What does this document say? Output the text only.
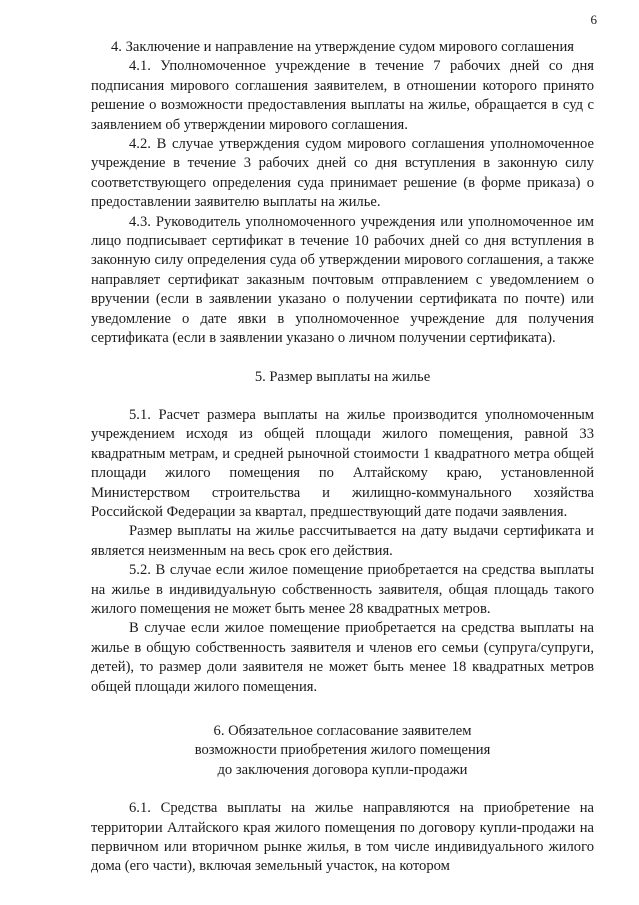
6

4. Заключение и направление на утверждение судом мирового соглашения

4.1. Уполномоченное учреждение в течение 7 рабочих дней со дня подписания мирового соглашения заявителем, в отношении которого принято решение о возможности предоставления выплаты на жилье, обращается в суд с заявлением об утверждении мирового соглашения.

4.2. В случае утверждения судом мирового соглашения уполномоченное учреждение в течение 3 рабочих дней со дня вступления в законную силу соответствующего определения суда принимает решение (в форме приказа) о предоставлении заявителю выплаты на жилье.

4.3. Руководитель уполномоченного учреждения или уполномоченное им лицо подписывает сертификат в течение 10 рабочих дней со дня вступления в законную силу определения суда об утверждении мирового соглашения, а также направляет сертификат заказным почтовым отправлением с уведомлением о вручении (если в заявлении указано о получении сертификата по почте) или уведомление о дате явки в уполномоченное учреждение для получения сертификата (если в заявлении указано о личном получении сертификата).

5. Размер выплаты на жилье

5.1. Расчет размера выплаты на жилье производится уполномоченным учреждением исходя из общей площади жилого помещения, равной 33 квадратным метрам, и средней рыночной стоимости 1 квадратного метра общей площади жилого помещения по Алтайскому краю, установленной Министерством строительства и жилищно-коммунального хозяйства Российской Федерации за квартал, предшествующий дате подачи заявления.

Размер выплаты на жилье рассчитывается на дату выдачи сертификата и является неизменным на весь срок его действия.

5.2. В случае если жилое помещение приобретается на средства выплаты на жилье в индивидуальную собственность заявителя, общая площадь такого жилого помещения не может быть менее 28 квадратных метров.

В случае если жилое помещение приобретается на средства выплаты на жилье в общую собственность заявителя и членов его семьи (супруга/супруги, детей), то размер доли заявителя не может быть менее 18 квадратных метров общей площади жилого помещения.

6. Обязательное согласование заявителем

возможности приобретения жилого помещения

до заключения договора купли-продажи

6.1. Средства выплаты на жилье направляются на приобретение на территории Алтайского края жилого помещения по договору купли-продажи на первичном или вторичном рынке жилья, в том числе индивидуального жилого дома (его части), включая земельный участок, на котором
